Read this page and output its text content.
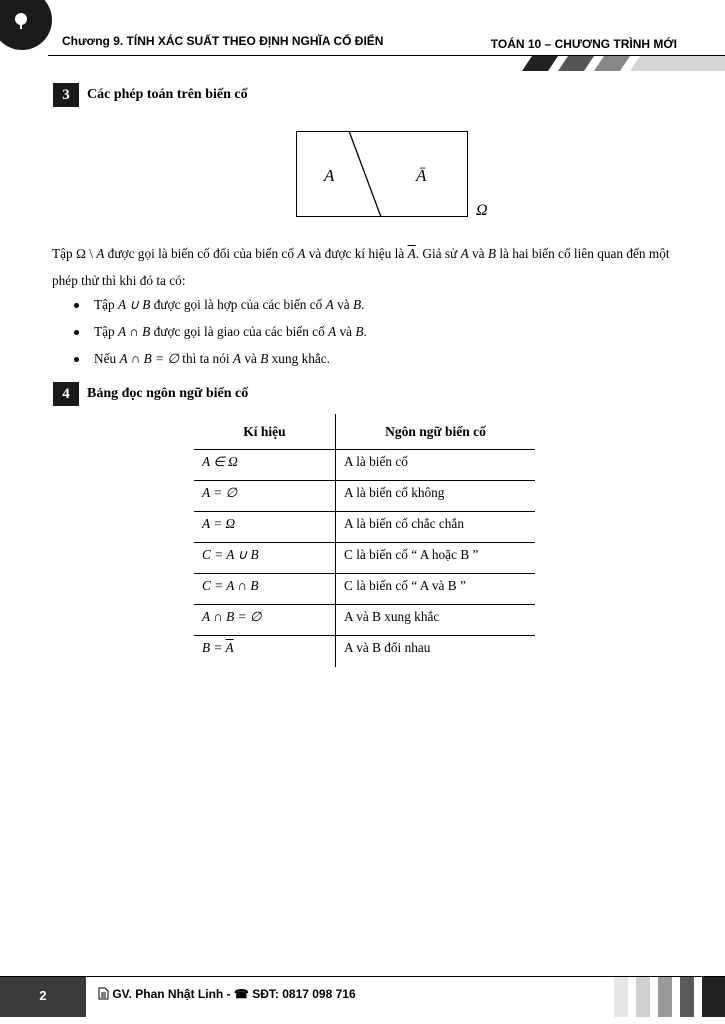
Chương 9. TÍNH XÁC SUẤT THEO ĐỊNH NGHĨA CỔ ĐIỂN	TOÁN 10 – CHƯƠNG TRÌNH MỚI
3	Các phép toán trên biến cố
A	Ā
Ω
Tập Ω \ A được gọi là biến cố đối của biến cố A và được kí hiệu là $\overline{A}$. Giả sử A và B là hai biến cố liên quan đến một phép thử thì khi đó ta có:
Tập A ∪ B được gọi là hợp của các biến cố A và B.
Tập A ∩ B được gọi là giao của các biến cố A và B.
Nếu A ∩ B = ∅ thì ta nói A và B xung khắc.
4	Bảng đọc ngôn ngữ biến cố
Kí hiệu	Ngôn ngữ biến cố
A ∈ Ω	A là biến cố
A = ∅	A là biến cố không
A = Ω	A là biến cố chắc chắn
C = A ∪ B	C là biến cố “ A hoặc B ”
C = A ∩ B	C là biến cố “ A và B ”
A ∩ B = ∅	A và B xung khắc
$B = \overline{A}$	A và B đối nhau
2	GV. Phan Nhật Linh - ☎ SĐT: 0817 098 716
